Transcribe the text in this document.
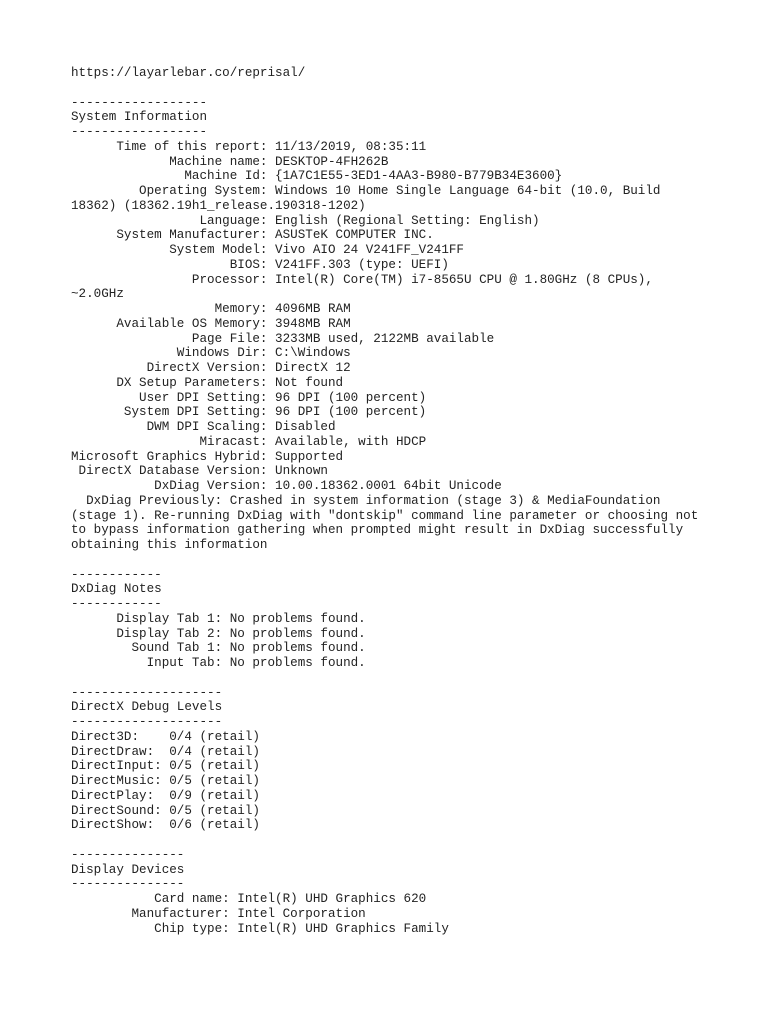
https://layarlebar.co/reprisal/
------------------
System Information
------------------
Time of this report: 11/13/2019, 08:35:11
Machine name: DESKTOP-4FH262B
Machine Id: {1A7C1E55-3ED1-4AA3-B980-B779B34E3600}
Operating System: Windows 10 Home Single Language 64-bit (10.0, Build
18362) (18362.19h1_release.190318-1202)
Language: English (Regional Setting: English)
System Manufacturer: ASUSTeK COMPUTER INC.
System Model: Vivo AIO 24 V241FF_V241FF
BIOS: V241FF.303 (type: UEFI)
Processor: Intel(R) Core(TM) i7-8565U CPU @ 1.80GHz (8 CPUs),
~2.0GHz
Memory: 4096MB RAM
Available OS Memory: 3948MB RAM
Page File: 3233MB used, 2122MB available
Windows Dir: C:\Windows
DirectX Version: DirectX 12
DX Setup Parameters: Not found
User DPI Setting: 96 DPI (100 percent)
System DPI Setting: 96 DPI (100 percent)
DWM DPI Scaling: Disabled
Miracast: Available, with HDCP
Microsoft Graphics Hybrid: Supported
DirectX Database Version: Unknown
DxDiag Version: 10.00.18362.0001 64bit Unicode
DxDiag Previously: Crashed in system information (stage 3) & MediaFoundation
(stage 1). Re-running DxDiag with "dontskip" command line parameter or choosing not
to bypass information gathering when prompted might result in DxDiag successfully
obtaining this information
------------
DxDiag Notes
------------
Display Tab 1: No problems found.
Display Tab 2: No problems found.
Sound Tab 1: No problems found.
Input Tab: No problems found.
--------------------
DirectX Debug Levels
--------------------
Direct3D:    0/4 (retail)
DirectDraw:  0/4 (retail)
DirectInput: 0/5 (retail)
DirectMusic: 0/5 (retail)
DirectPlay:  0/9 (retail)
DirectSound: 0/5 (retail)
DirectShow:  0/6 (retail)
---------------
Display Devices
---------------
Card name: Intel(R) UHD Graphics 620
Manufacturer: Intel Corporation
Chip type: Intel(R) UHD Graphics Family
